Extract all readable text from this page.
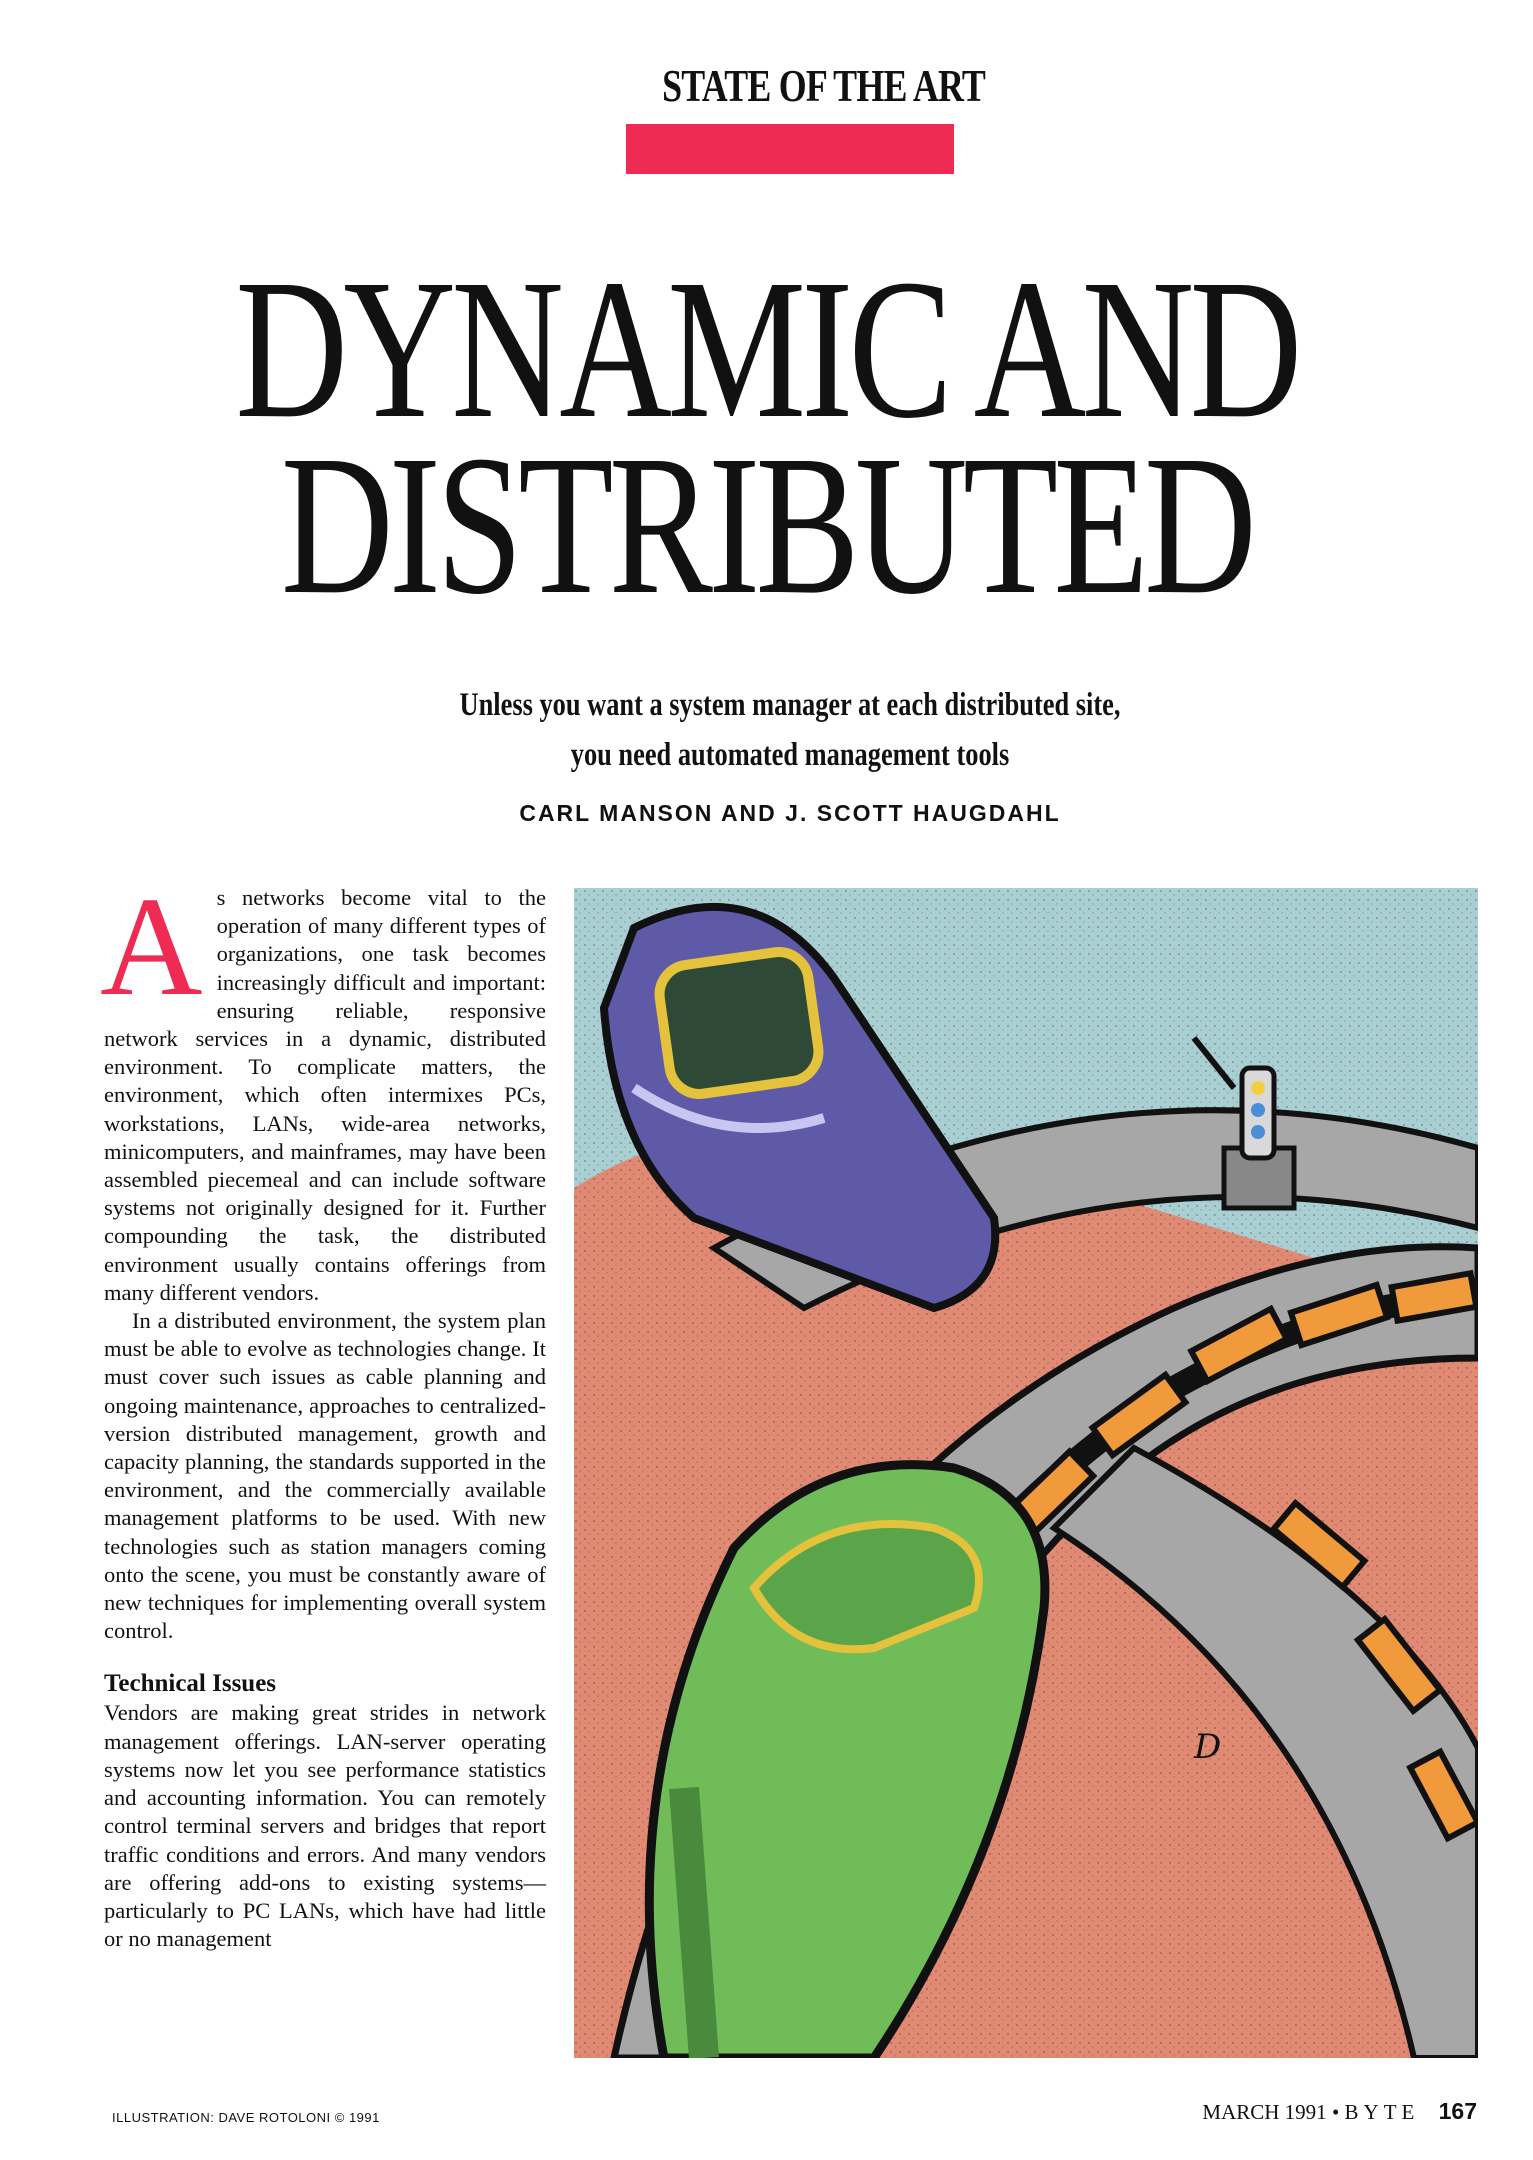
STATE OF THE ART
DYNAMIC AND
DISTRIBUTED
Unless you want a system manager at each distributed site,
you need automated management tools
CARL MANSON AND J. SCOTT HAUGDAHL
A s networks become vital to the operation of many different types of organizations, one task becomes increasingly difficult and important: ensuring reliable, responsive network services in a dynamic, distributed environment. To complicate matters, the environment, which often intermixes PCs, workstations, LANs, wide-area networks, minicomputers, and mainframes, may have been assembled piecemeal and can include software systems not originally designed for it. Further compounding the task, the distributed environment usually contains offerings from many different vendors.

In a distributed environment, the system plan must be able to evolve as technologies change. It must cover such issues as cable planning and ongoing maintenance, approaches to centralized-version distributed management, growth and capacity planning, the standards supported in the environment, and the commercially available management platforms to be used. With new technologies such as station managers coming onto the scene, you must be constantly aware of new techniques for implementing overall system control.

Technical Issues

Vendors are making great strides in network management offerings. LAN-server operating systems now let you see performance statistics and accounting information. You can remotely control terminal servers and bridges that report traffic conditions and errors. And many vendors are offering add-ons to existing systems—particularly to PC LANs, which have had little or no management

D
ILLUSTRATION: DAVE ROTOLONI © 1991	MARCH 1991 • BYTE 167
